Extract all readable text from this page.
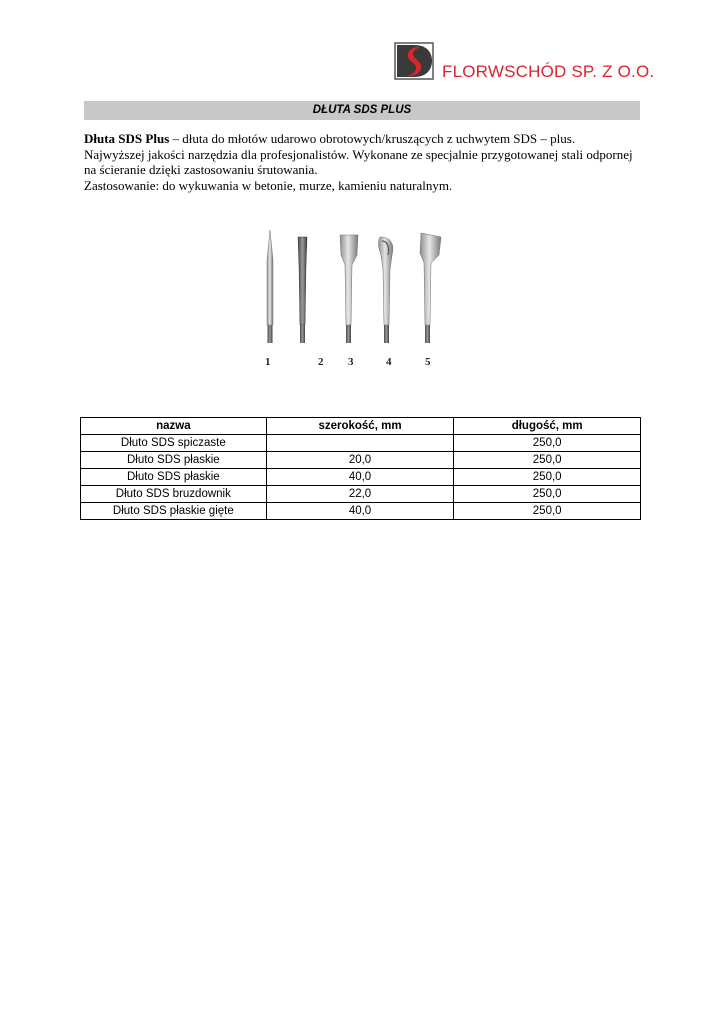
FLORWSCHÓD SP. Z O.O.
DŁUTA SDS PLUS

Dłuta SDS Plus – dłuta do młotów udarowo obrotowych/kruszących z uchwytem SDS – plus.

Najwyższej jakości narzędzia dla profesjonalistów. Wykonane ze specjalnie przygotowanej stali odpornej na ścieranie dzięki zastosowaniu śrutowania.

Zastosowanie: do wykuwania w betonie, murze, kamieniu naturalnym.

1	2 3	4	5
nazwa	szerokość, mm	długość, mm
Dłuto SDS spiczaste		250,0
Dłuto SDS płaskie	20,0	250,0
Dłuto SDS płaskie	40,0	250,0
Dłuto SDS bruzdownik	22,0	250,0
Dłuto SDS płaskie gięte	40,0	250,0
